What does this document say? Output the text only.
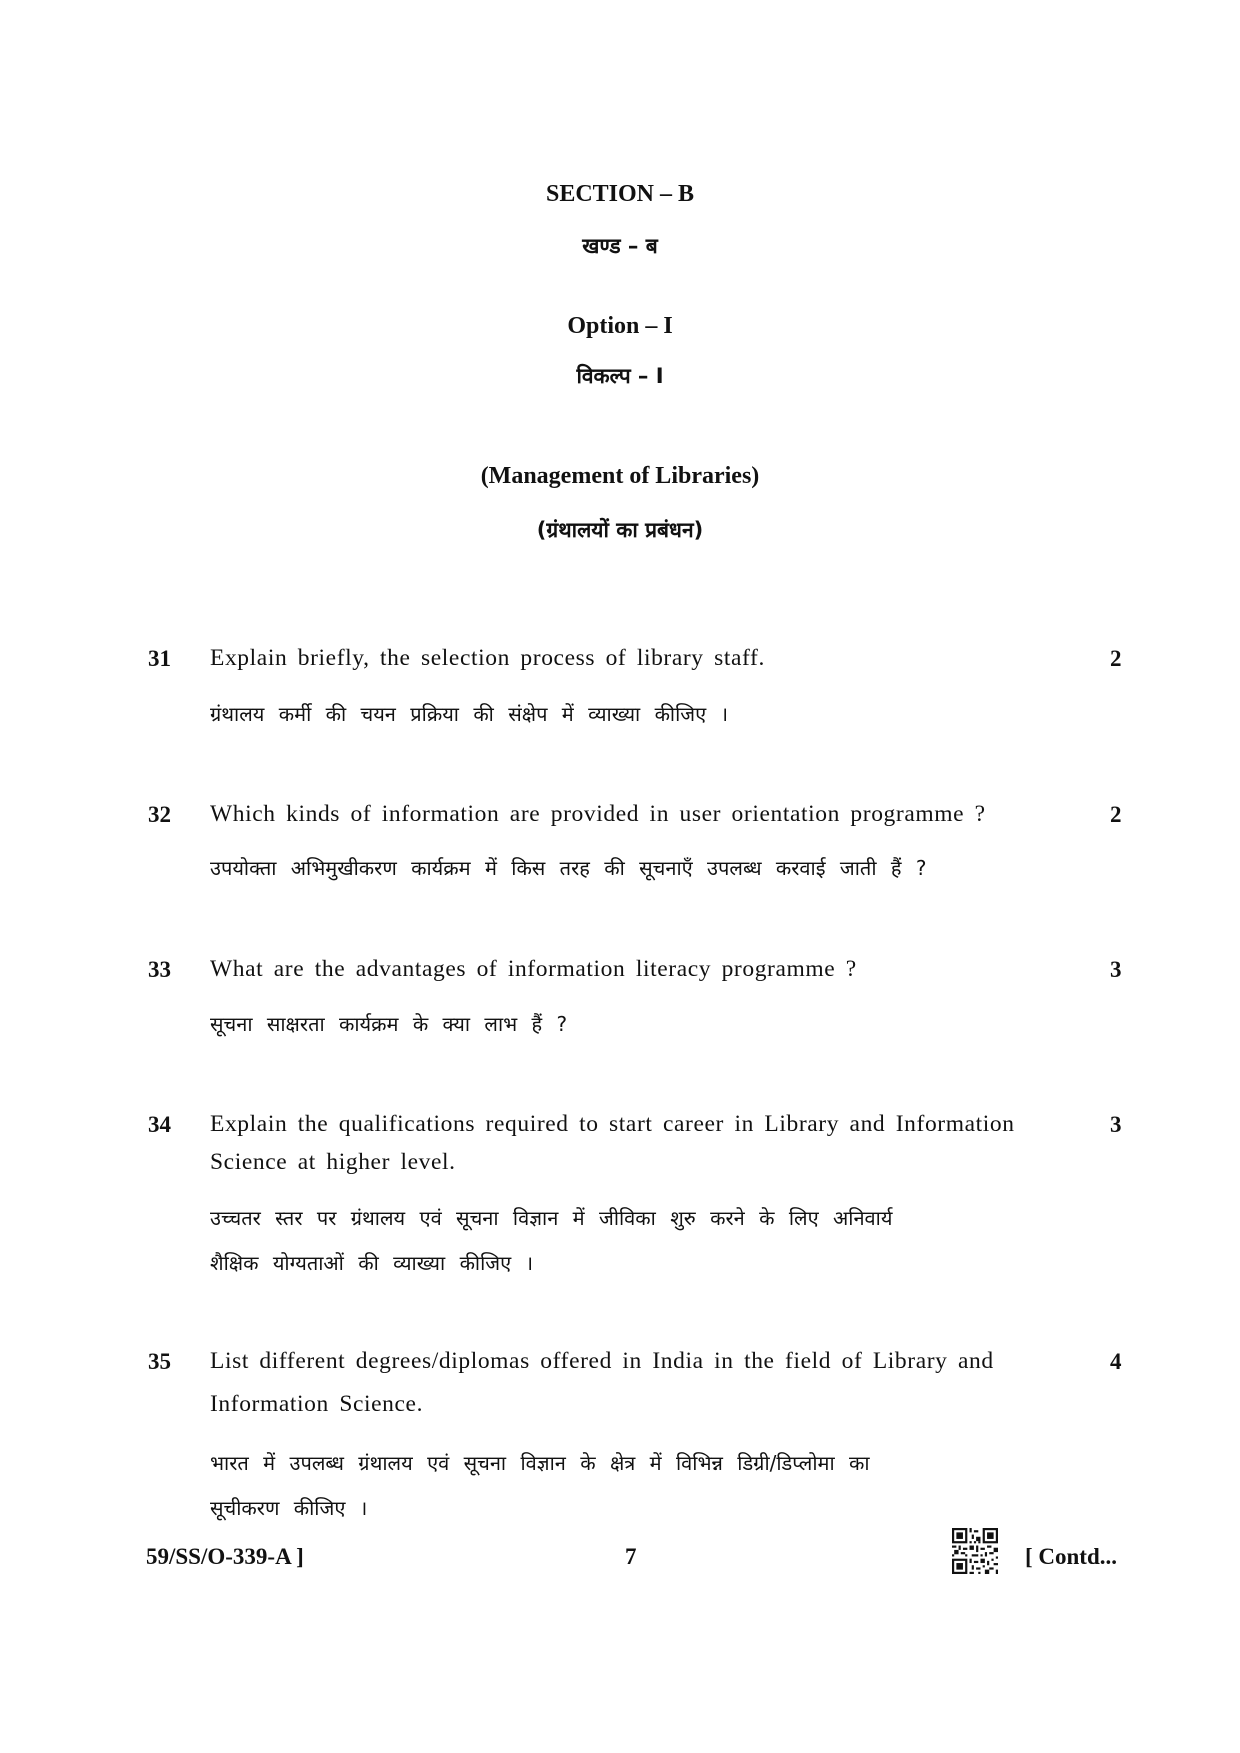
SECTION – B
खण्ड – ब
Option – I
विकल्प – I
(Management of Libraries)
(ग्रंथालयों का प्रबंधन)
31 Explain briefly, the selection process of library staff.	2
ग्रंथालय कर्मी की चयन प्रक्रिया की संक्षेप में व्याख्या कीजिए ।
32 Which kinds of information are provided in user orientation programme ?	2
उपयोक्ता अभिमुखीकरण कार्यक्रम में किस तरह की सूचनाएँ उपलब्ध करवाई जाती हैं ?
33 What are the advantages of information literacy programme ?	3
सूचना साक्षरता कार्यक्रम के क्या लाभ हैं ?
34 Explain the qualifications required to start career in Library and Information
Science at higher level.
3
उच्चतर स्तर पर ग्रंथालय एवं सूचना विज्ञान में जीविका शुरु करने के लिए अनिवार्य
शैक्षिक योग्यताओं की व्याख्या कीजिए ।
35 List different degrees/diplomas offered in India in the field of Library and
Information Science.
4
भारत में उपलब्ध ग्रंथालय एवं सूचना विज्ञान के क्षेत्र में विभिन्न डिग्री/डिप्लोमा का
सूचीकरण कीजिए ।
59/SS/O-339-A ]	7	[ Contd...
